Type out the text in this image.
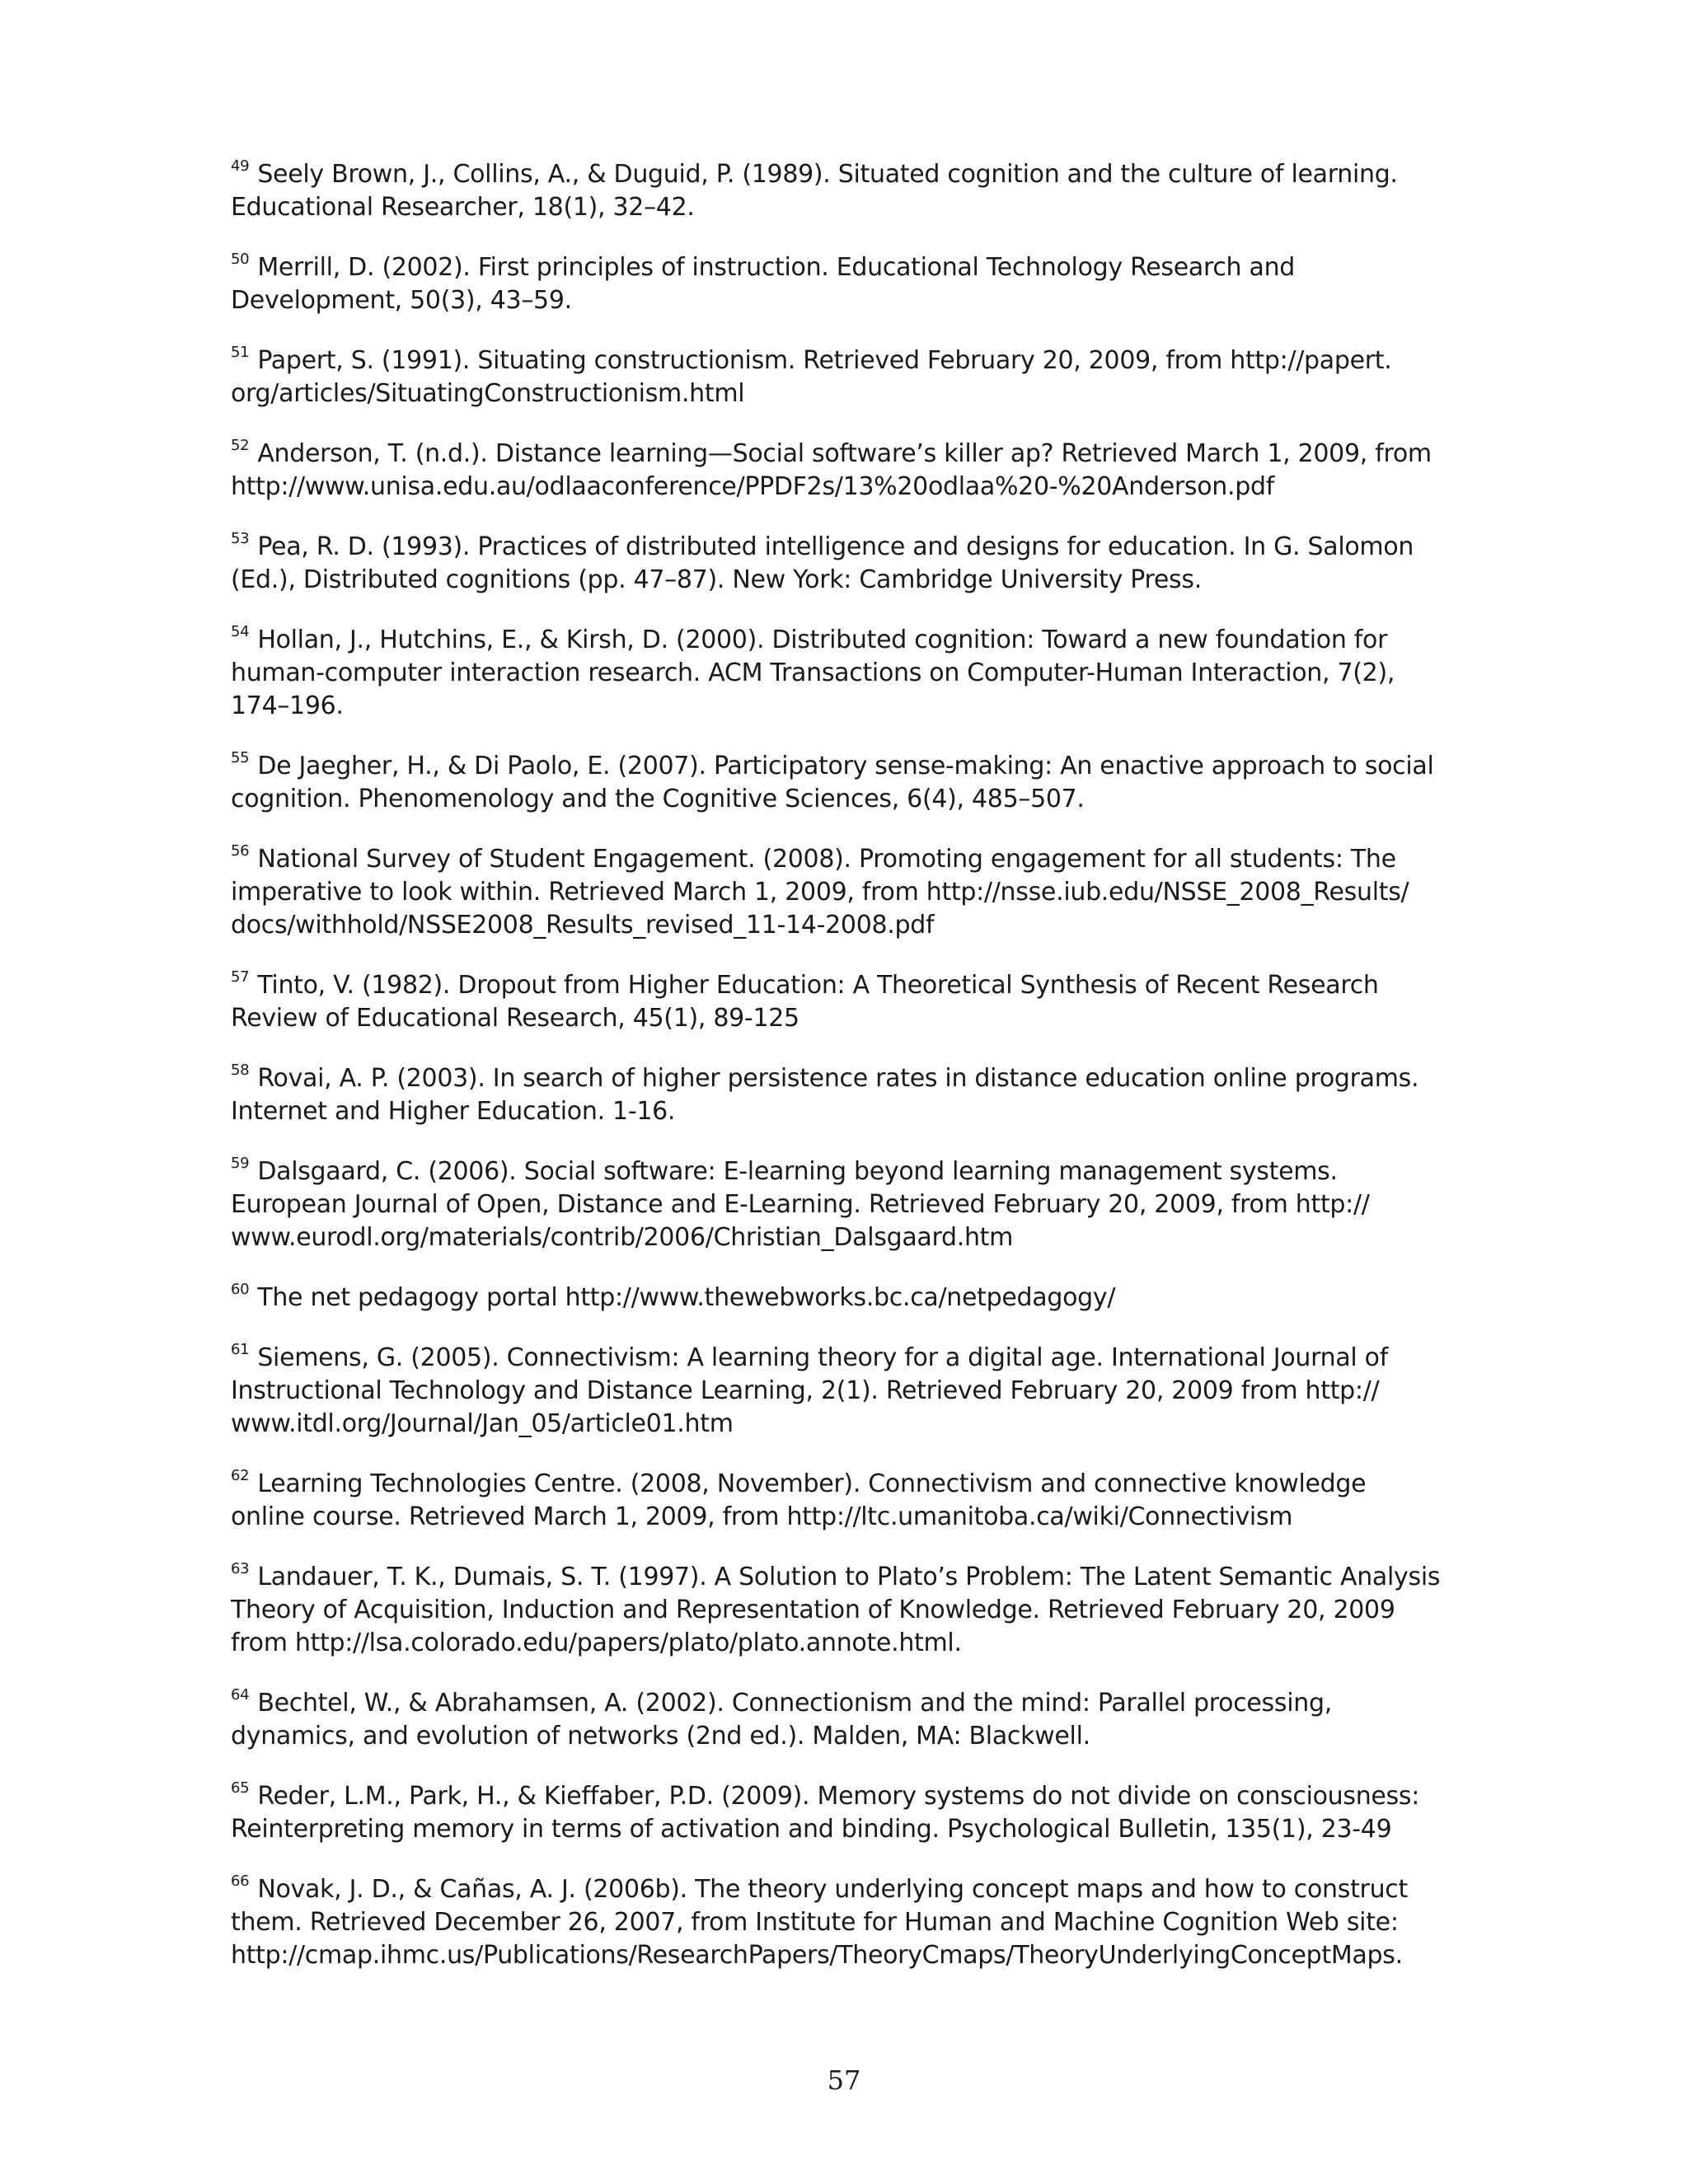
$^{49}$ Seely Brown, J., Collins, A., & Duguid, P. (1989). Situated cognition and the culture of learning.
Educational Researcher, 18(1), 32–42.
$^{50}$ Merrill, D. (2002). First principles of instruction. Educational Technology Research and
Development, 50(3), 43–59.
$^{51}$ Papert, S. (1991). Situating constructionism. Retrieved February 20, 2009, from http://papert.
org/articles/SituatingConstructionism.html
$^{52}$ Anderson, T. (n.d.). Distance learning—Social software’s killer ap? Retrieved March 1, 2009, from
http://www.unisa.edu.au/odlaaconference/PPDF2s/13%20odlaa%20-%20Anderson.pdf
$^{53}$ Pea, R. D. (1993). Practices of distributed intelligence and designs for education. In G. Salomon
(Ed.), Distributed cognitions (pp. 47–87). New York: Cambridge University Press.
$^{54}$ Hollan, J., Hutchins, E., & Kirsh, D. (2000). Distributed cognition: Toward a new foundation for
human-computer interaction research. ACM Transactions on Computer-Human Interaction, 7(2),
174–196.
$^{55}$ De Jaegher, H., & Di Paolo, E. (2007). Participatory sense-making: An enactive approach to social
cognition. Phenomenology and the Cognitive Sciences, 6(4), 485–507.
$^{56}$ National Survey of Student Engagement. (2008). Promoting engagement for all students: The
imperative to look within. Retrieved March 1, 2009, from http://nsse.iub.edu/NSSE_2008_Results/
docs/withhold/NSSE2008_Results_revised_11-14-2008.pdf
$^{57}$ Tinto, V. (1982). Dropout from Higher Education: A Theoretical Synthesis of Recent Research
Review of Educational Research, 45(1), 89-125
$^{58}$ Rovai, A. P. (2003). In search of higher persistence rates in distance education online programs.
Internet and Higher Education. 1-16.
$^{59}$ Dalsgaard, C. (2006). Social software: E-learning beyond learning management systems.
European Journal of Open, Distance and E-Learning. Retrieved February 20, 2009, from http://
www.eurodl.org/materials/contrib/2006/Christian_Dalsgaard.htm
$^{60}$ The net pedagogy portal http://www.thewebworks.bc.ca/netpedagogy/
$^{61}$ Siemens, G. (2005). Connectivism: A learning theory for a digital age. International Journal of
Instructional Technology and Distance Learning, 2(1). Retrieved February 20, 2009 from http://
www.itdl.org/Journal/Jan_05/article01.htm
$^{62}$ Learning Technologies Centre. (2008, November). Connectivism and connective knowledge
online course. Retrieved March 1, 2009, from http://ltc.umanitoba.ca/wiki/Connectivism
$^{63}$ Landauer, T. K., Dumais, S. T. (1997). A Solution to Plato’s Problem: The Latent Semantic Analysis
Theory of Acquisition, Induction and Representation of Knowledge. Retrieved February 20, 2009
from http://lsa.colorado.edu/papers/plato/plato.annote.html.
$^{64}$ Bechtel, W., & Abrahamsen, A. (2002). Connectionism and the mind: Parallel processing,
dynamics, and evolution of networks (2nd ed.). Malden, MA: Blackwell.
$^{65}$ Reder, L.M., Park, H., & Kieffaber, P.D. (2009). Memory systems do not divide on consciousness:
Reinterpreting memory in terms of activation and binding. Psychological Bulletin, 135(1), 23-49
$^{66}$ Novak, J. D., & Cañas, A. J. (2006b). The theory underlying concept maps and how to construct
them. Retrieved December 26, 2007, from Institute for Human and Machine Cognition Web site:
http://cmap.ihmc.us/Publications/ResearchPapers/TheoryCmaps/TheoryUnderlyingConceptMaps.
57
